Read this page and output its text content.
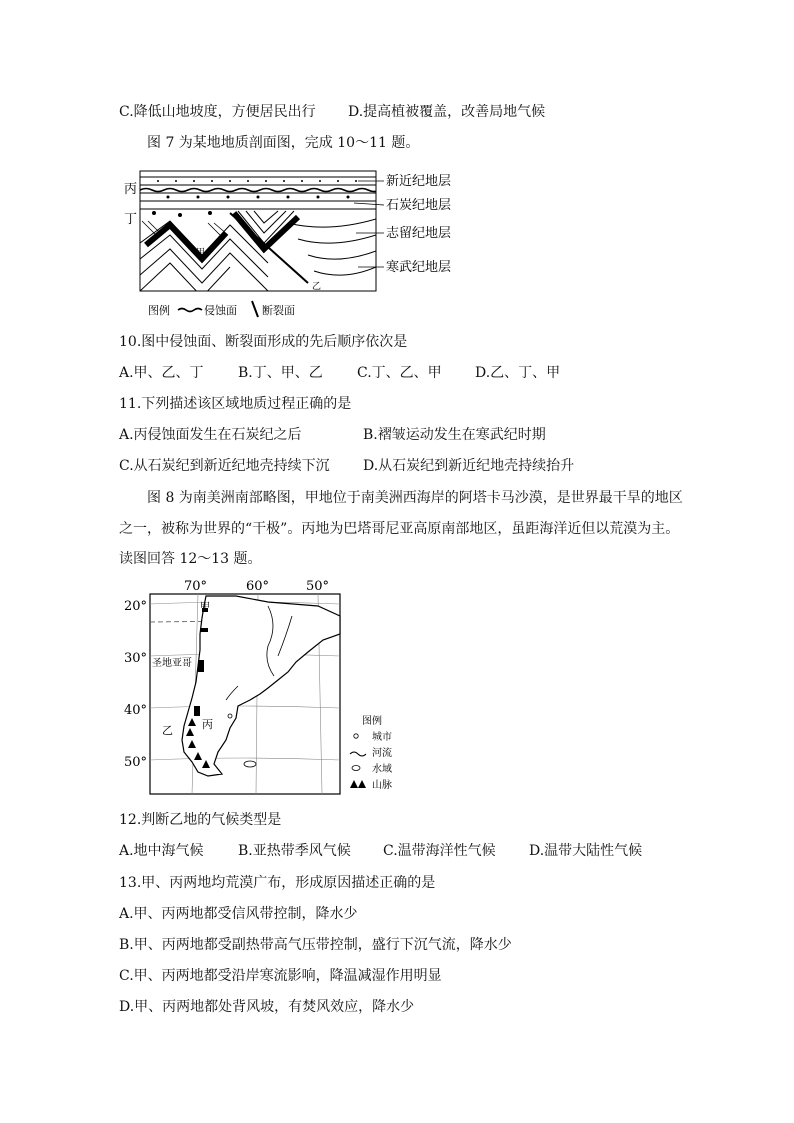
C.降低山地坡度，方便居民出行 D.提高植被覆盖，改善局地气候
图 7 为某地地质剖面图，完成 10～11 题。
丙
丁
甲
乙
新近纪地层
石炭纪地层
志留纪地层
寒武纪地层
图例	侵蚀面 断裂面
10.图中侵蚀面、断裂面形成的先后顺序依次是
A.甲、乙、丁 B.丁、甲、乙 C.丁、乙、甲 D.乙、丁、甲
11.下列描述该区域地质过程正确的是
A.丙侵蚀面发生在石炭纪之后	B.褶皱运动发生在寒武纪时期
C.从石炭纪到新近纪地壳持续下沉 D.从石炭纪到新近纪地壳持续抬升
图 8 为南美洲南部略图，甲地位于南美洲西海岸的阿塔卡马沙漠，是世界最干旱的地区
之一，被称为世界的“干极”。丙地为巴塔哥尼亚高原南部地区，虽距海洋近但以荒漠为主。
读图回答 12～13 题。
70°	60°	50°
20°
30°
40°
50°
甲
圣地亚哥
乙	丙	图例
城市
河流
水域
山脉
12.判断乙地的气候类型是
A.地中海气候 B.亚热带季风气候 C.温带海洋性气候 D.温带大陆性气候
13.甲、丙两地均荒漠广布，形成原因描述正确的是
A.甲、丙两地都受信风带控制，降水少
B.甲、丙两地都受副热带高气压带控制，盛行下沉气流，降水少
C.甲、丙两地都受沿岸寒流影响，降温减湿作用明显
D.甲、丙两地都处背风坡，有焚风效应，降水少
